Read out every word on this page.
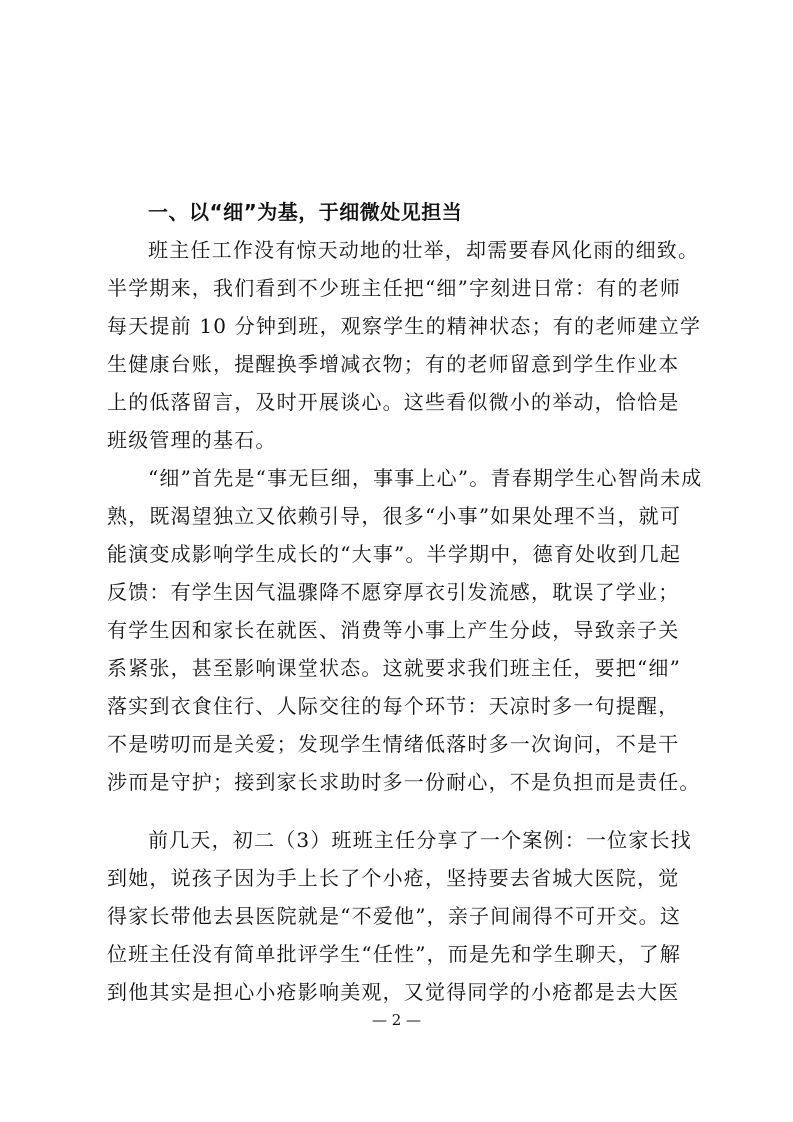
一、以“细”为基，于细微处见担当
班主任工作没有惊天动地的壮举，却需要春风化雨的细致。
半学期来，我们看到不少班主任把“细”字刻进日常：有的老师
每天提前 10 分钟到班，观察学生的精神状态；有的老师建立学
生健康台账，提醒换季增减衣物；有的老师留意到学生作业本
上的低落留言，及时开展谈心。这些看似微小的举动，恰恰是
班级管理的基石。
“细”首先是“事无巨细，事事上心”。青春期学生心智尚未成
熟，既渴望独立又依赖引导，很多“小事”如果处理不当，就可
能演变成影响学生成长的“大事”。半学期中，德育处收到几起
反馈：有学生因气温骤降不愿穿厚衣引发流感，耽误了学业；
有学生因和家长在就医、消费等小事上产生分歧，导致亲子关
系紧张，甚至影响课堂状态。这就要求我们班主任，要把“细”
落实到衣食住行、人际交往的每个环节：天凉时多一句提醒，
不是唠叨而是关爱；发现学生情绪低落时多一次询问，不是干
涉而是守护；接到家长求助时多一份耐心，不是负担而是责任。
前几天，初二（3）班班主任分享了一个案例：一位家长找
到她，说孩子因为手上长了个小疮，坚持要去省城大医院，觉
得家长带他去县医院就是“不爱他”，亲子间闹得不可开交。这
位班主任没有简单批评学生“任性”，而是先和学生聊天，了解
到他其实是担心小疮影响美观，又觉得同学的小疮都是去大医
— 2 —
